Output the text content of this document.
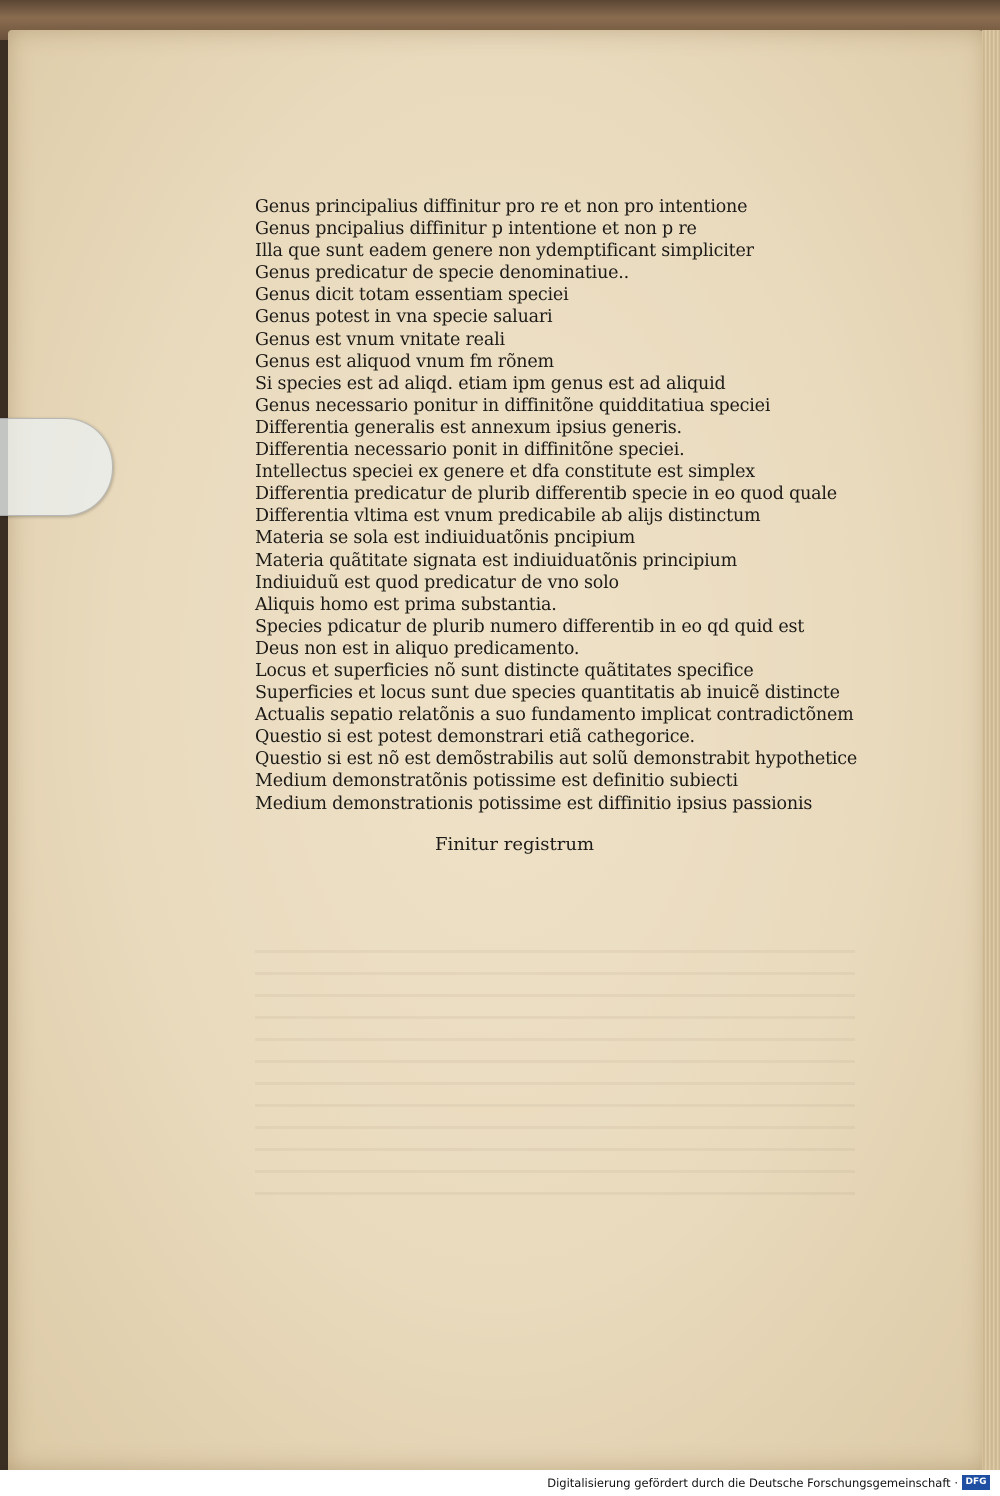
Genus principalius diffinitur pro re et non pro intentione
Genus pncipalius diffinitur p intentione et non p re
Illa que sunt eadem genere non ydemptificant simpliciter
Genus predicatur de specie denominatiue..
Genus dicit totam essentiam speciei
Genus potest in vna specie saluari
Genus est vnum vnitate reali
Genus est aliquod vnum fm rõnem
Si species est ad aliqd. etiam ipm genus est ad aliquid
Genus necessario ponitur in diffinitõne quidditatiua speciei
Differentia generalis est annexum ipsius generis.
Differentia necessario ponit in diffinitõne speciei.
Intellectus speciei ex genere et dfa constitute est simplex
Differentia predicatur de plurib differentib specie in eo quod quale
Differentia vltima est vnum predicabile ab alijs distinctum
Materia se sola est indiuiduatõnis pncipium
Materia quãtitate signata est indiuiduatõnis principium
Indiuiduũ est quod predicatur de vno solo
Aliquis homo est prima substantia.
Species pdicatur de plurib numero differentib in eo qd quid est
Deus non est in aliquo predicamento.
Locus et superficies nõ sunt distincte quãtitates specifice
Superficies et locus sunt due species quantitatis ab inuicẽ distincte
Actualis sepatio relatõnis a suo fundamento implicat contradictõnem
Questio si est potest demonstrari etiã cathegorice.
Questio si est nõ est demõstrabilis aut solũ demonstrabit hypothetice
Medium demonstratõnis potissime est definitio subiecti
Medium demonstrationis potissime est diffinitio ipsius passionis
Finitur registrum
Digitalisierung gefördert durch die Deutsche Forschungsgemeinschaft · DFG
